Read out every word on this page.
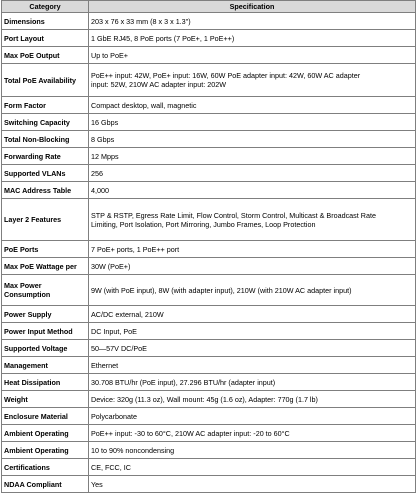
Category	Specification
Dimensions	203 x 76 x 33 mm (8 x 3 x 1.3")
Port Layout	1 GbE RJ45, 8 PoE ports (7 PoE+, 1 PoE++)
Max PoE Output	Up to PoE+
Total PoE Availability	PoE++ input: 42W, PoE+ input: 16W, 60W PoE adapter input: 42W, 60W AC adapter
input: 52W, 210W AC adapter input: 202W

Form Factor	Compact desktop, wall, magnetic
Switching Capacity	16 Gbps
Total Non-Blocking	8 Gbps
Forwarding Rate	12 Mpps
Supported VLANs	256
MAC Address Table	4,000
Layer 2 Features	STP & RSTP, Egress Rate Limit, Flow Control, Storm Control, Multicast & Broadcast Rate
Limiting, Port Isolation, Port Mirroring, Jumbo Frames, Loop Protection

PoE Ports	7 PoE+ ports, 1 PoE++ port
Max PoE Wattage per	30W (PoE+)
Max Power Consumption	9W (with PoE input), 8W (with adapter input), 210W (with 210W AC adapter input)
Power Supply	AC/DC external, 210W
Power Input Method	DC Input, PoE
Supported Voltage	50—57V DC/PoE
Management	Ethernet
Heat Dissipation	30.708 BTU/hr (PoE input), 27.296 BTU/hr (adapter input)
Weight	Device: 320g (11.3 oz), Wall mount: 45g (1.6 oz), Adapter: 770g (1.7 lb)
Enclosure Material	Polycarbonate
Ambient Operating	PoE++ input: -30 to 60°C, 210W AC adapter input: -20 to 60°C
Ambient Operating	10 to 90% noncondensing
Certifications	CE, FCC, IC
NDAA Compliant	Yes
